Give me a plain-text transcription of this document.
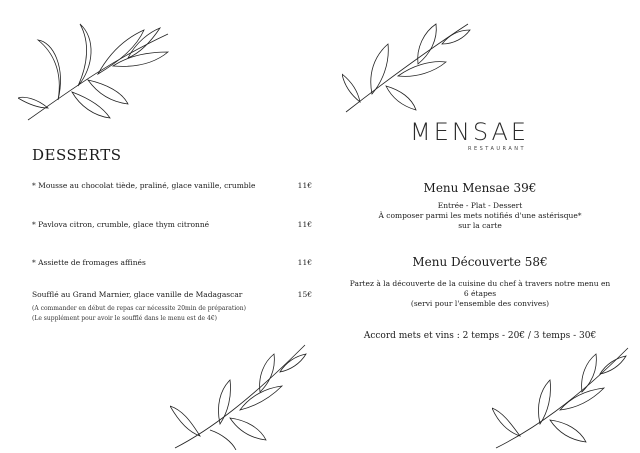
DESSERTS
* Mousse au chocolat tiède, praliné, glace vanille, crumble	11€
* Pavlova citron, crumble, glace thym citronné	11€
* Assiette de fromages affinés	11€
Soufflé au Grand Marnier, glace vanille de Madagascar	15€
(A commander en début de repas car nécessite 20min de préparation)
(Le supplément pour avoir le soufflé dans le menu est de 4€)
MENSAE
RESTAURANT
Menu Mensae 39€
Entrée - Plat - Dessert
À composer parmi les mets notifiés d'une astérisque*
sur la carte
Menu Découverte 58€
Partez à la découverte de la cuisine du chef à travers notre menu en
6 étapes
(servi pour l'ensemble des convives)
Accord mets et vins : 2 temps - 20€ / 3 temps - 30€
